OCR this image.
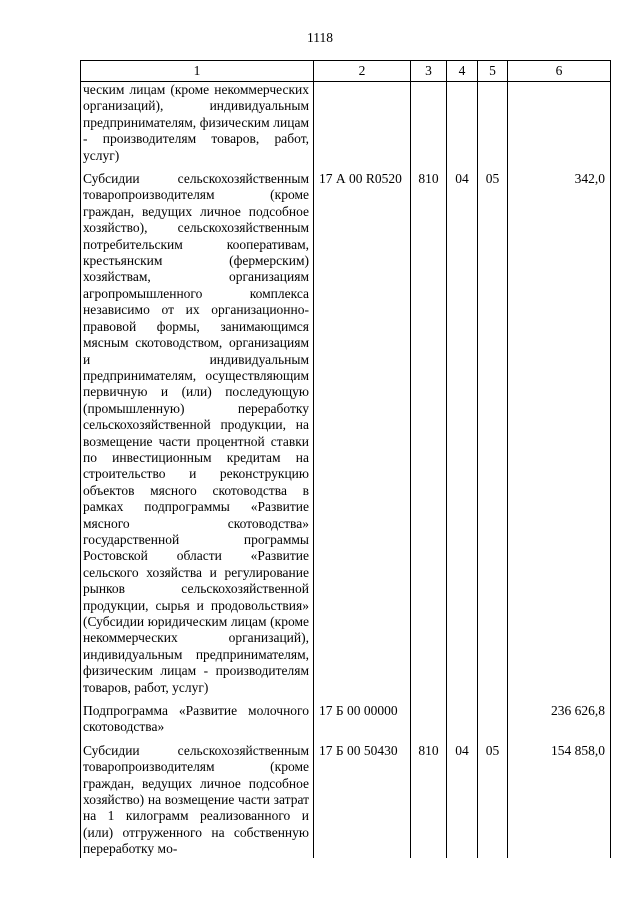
1118
1	2	3	4	5	6
ческим лицам (кроме некоммерческих организаций), индивидуальным предпринимателям, физическим лицам - производителям товаров, работ, услуг)					

Субсидии сельскохозяйственным товаропроизводителям (кроме граждан, ведущих личное подсобное хозяйство), сельскохозяйственным потребительским кооперативам, крестьянским (фермерским) хозяйствам, организациям агропромышленного комплекса независимо от их организационно-правовой формы, занимающимся мясным скотоводством, организациям и индивидуальным предпринимателям, осуществляющим первичную и (или) последующую (промышленную) переработку сельскохозяйственной продукции, на возмещение части процентной ставки по инвестиционным кредитам на строительство и реконструкцию объектов мясного скотоводства в рамках подпрограммы «Развитие мясного скотоводства» государственной программы Ростовской области «Развитие сельского хозяйства и регулирование рынков сельскохозяйственной продукции, сырья и продовольствия» (Субсидии юридическим лицам (кроме некоммерческих организаций), индивидуальным предпринимателям, физическим лицам - производителям товаров, работ, услуг)	17 А 00 R0520	810	04	05	342,0

Подпрограмма «Развитие молочного скотоводства»	17 Б 00 00000				236 626,8

Субсидии сельскохозяйственным товаропроизводителям (кроме граждан, ведущих личное подсобное хозяйство) на возмещение части затрат на 1 килограмм реализованного и (или) отгруженного на собственную переработку мо-	17 Б 00 50430	810	04	05	154 858,0
